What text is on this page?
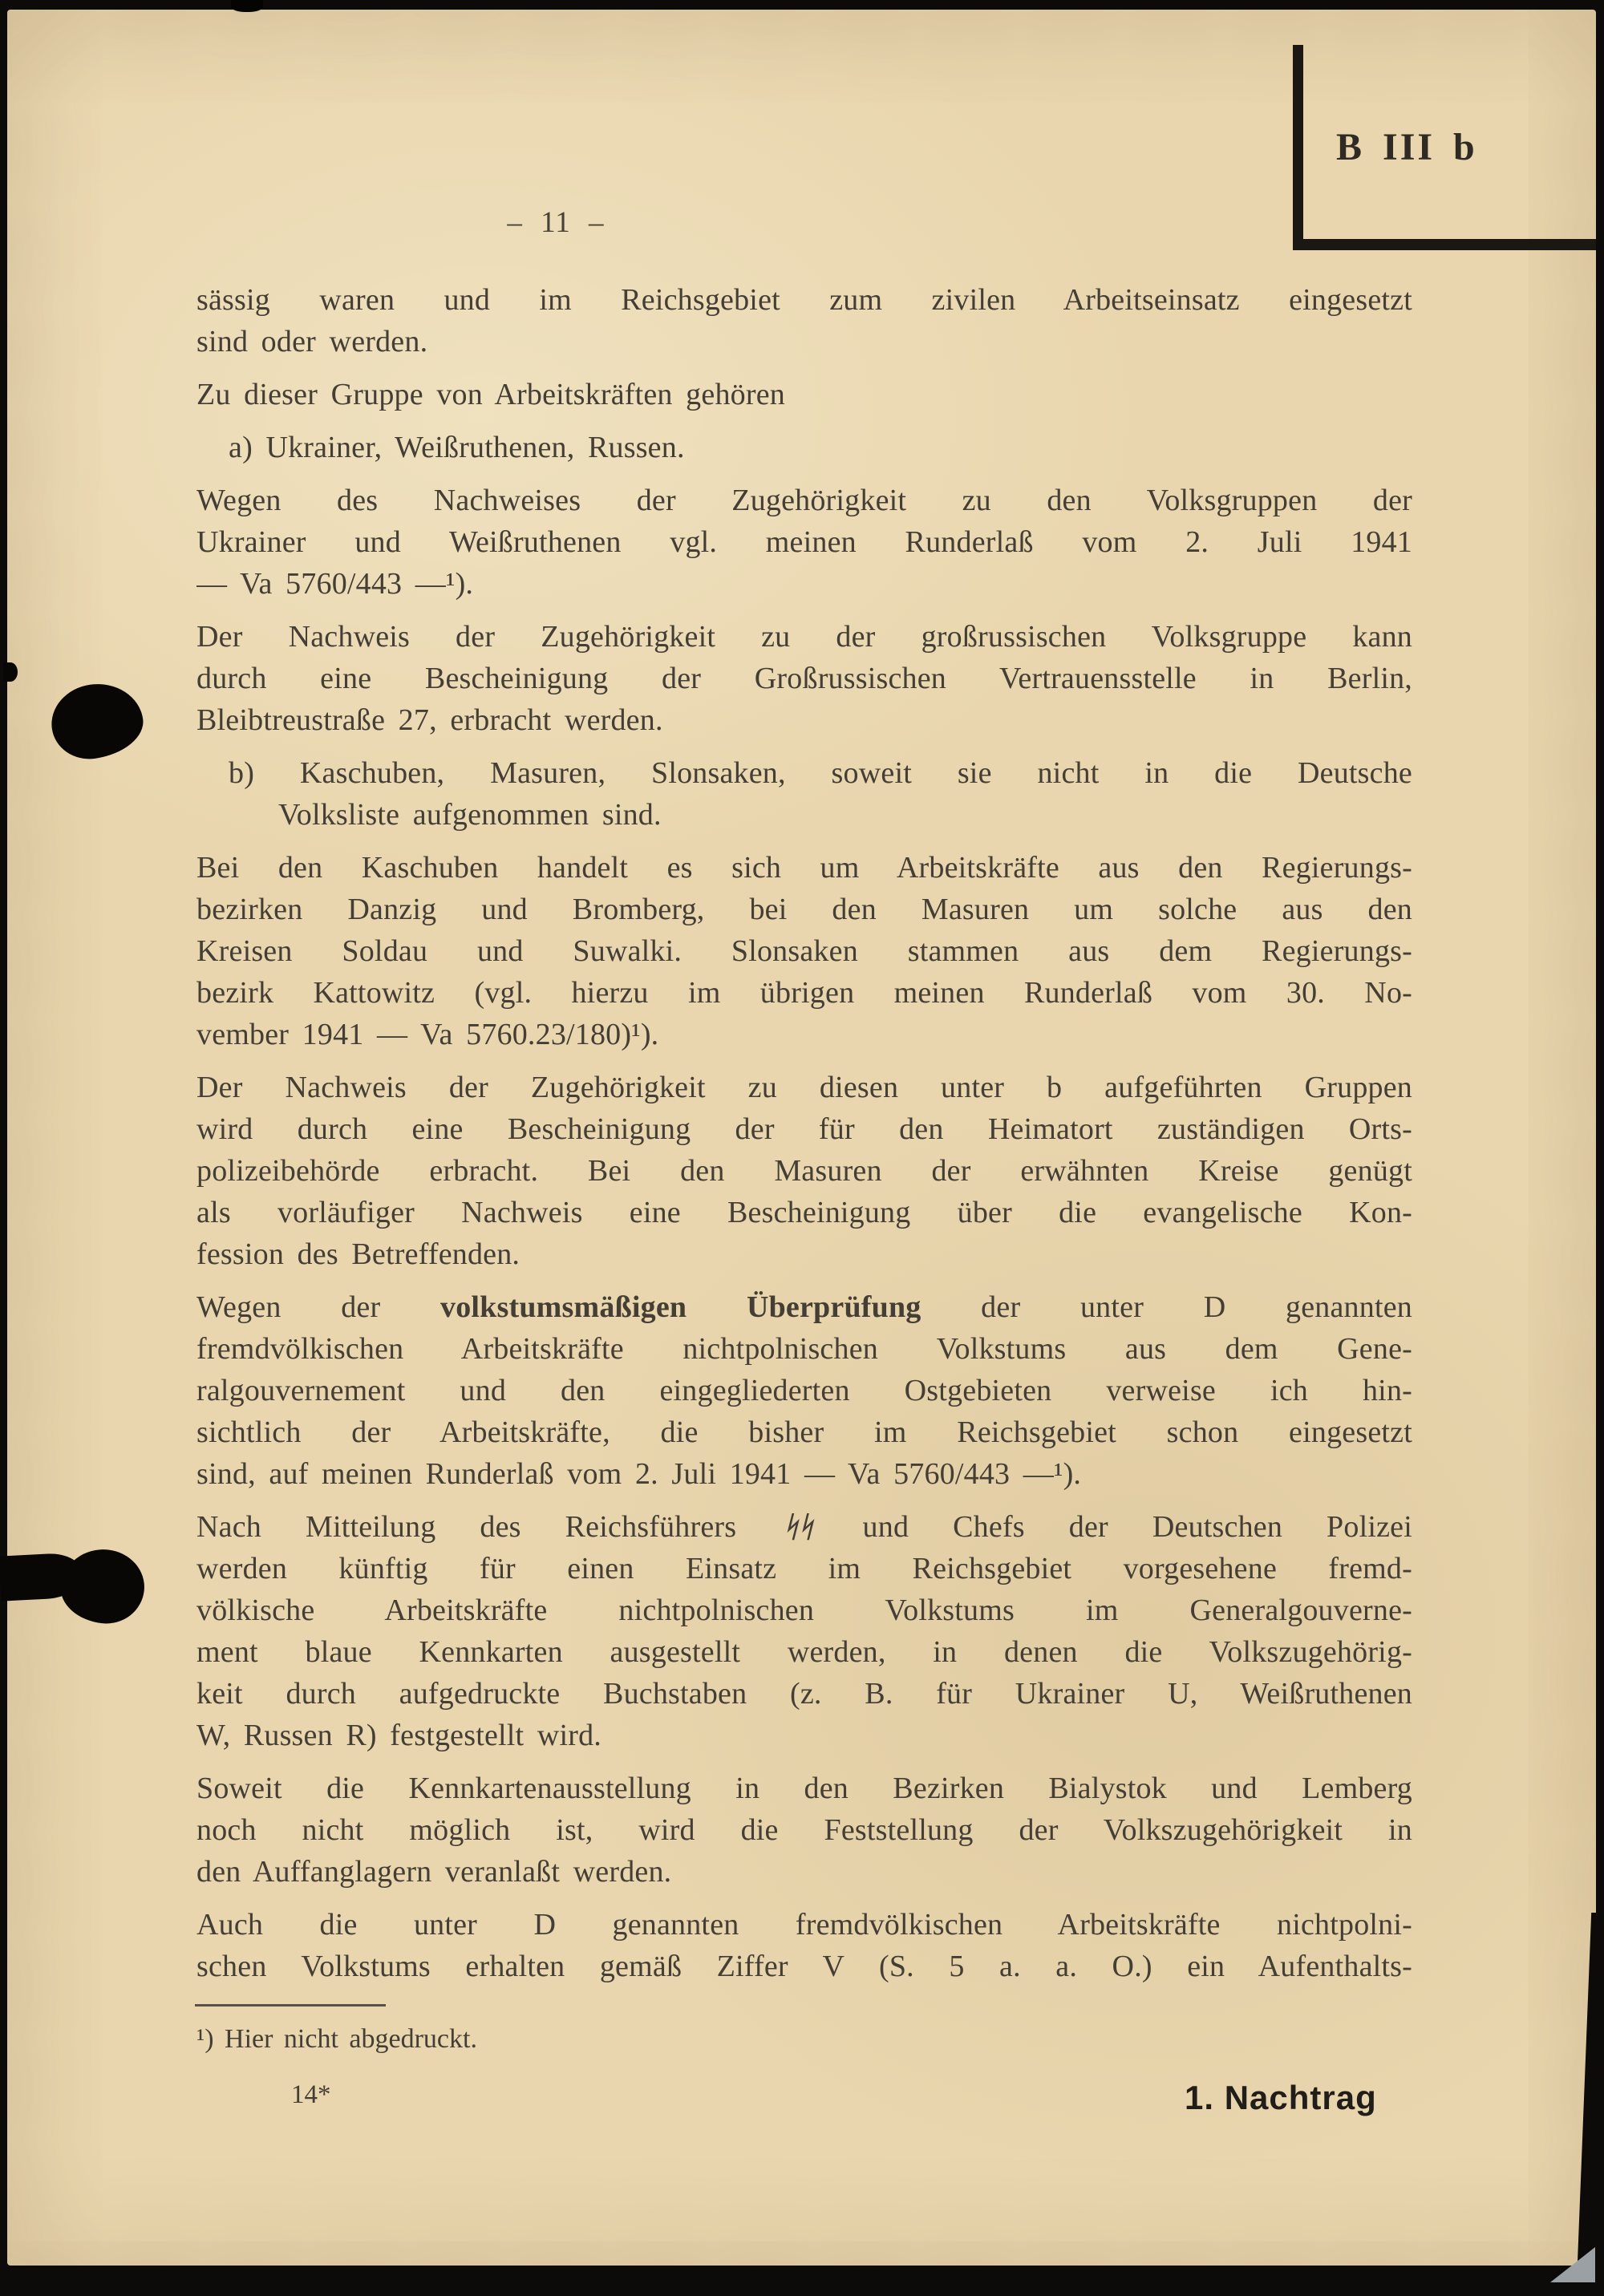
B III b
– 11 –
sässig waren und im Reichsgebiet zum zivilen Arbeitseinsatz eingesetzt
sind oder werden.
Zu dieser Gruppe von Arbeitskräften gehören
a) Ukrainer, Weißruthenen, Russen.
Wegen des Nachweises der Zugehörigkeit zu den Volksgruppen der
Ukrainer und Weißruthenen vgl. meinen Runderlaß vom 2. Juli 1941
— Va 5760/443 —¹).
Der Nachweis der Zugehörigkeit zu der großrussischen Volksgruppe kann
durch eine Bescheinigung der Großrussischen Vertrauensstelle in Berlin,
Bleibtreustraße 27, erbracht werden.
b) Kaschuben, Masuren, Slonsaken, soweit sie nicht in die Deutsche
Volksliste aufgenommen sind.
Bei den Kaschuben handelt es sich um Arbeitskräfte aus den Regierungs-
bezirken Danzig und Bromberg, bei den Masuren um solche aus den
Kreisen Soldau und Suwalki. Slonsaken stammen aus dem Regierungs-
bezirk Kattowitz (vgl. hierzu im übrigen meinen Runderlaß vom 30. No-
vember 1941 — Va 5760.23/180)¹).
Der Nachweis der Zugehörigkeit zu diesen unter b aufgeführten Gruppen
wird durch eine Bescheinigung der für den Heimatort zuständigen Orts-
polizeibehörde erbracht. Bei den Masuren der erwähnten Kreise genügt
als vorläufiger Nachweis eine Bescheinigung über die evangelische Kon-
fession des Betreffenden.
Wegen der volkstumsmäßigen Überprüfung der unter D genannten
fremdvölkischen Arbeitskräfte nichtpolnischen Volkstums aus dem Gene-
ralgouvernement und den eingegliederten Ostgebieten verweise ich hin-
sichtlich der Arbeitskräfte, die bisher im Reichsgebiet schon eingesetzt
sind, auf meinen Runderlaß vom 2. Juli 1941 — Va 5760/443 —¹).
Nach Mitteilung des Reichsführers ᛋᛋ und Chefs der Deutschen Polizei
werden künftig für einen Einsatz im Reichsgebiet vorgesehene fremd-
völkische Arbeitskräfte nichtpolnischen Volkstums im Generalgouverne-
ment blaue Kennkarten ausgestellt werden, in denen die Volkszugehörig-
keit durch aufgedruckte Buchstaben (z. B. für Ukrainer U, Weißruthenen
W, Russen R) festgestellt wird.
Soweit die Kennkartenausstellung in den Bezirken Bialystok und Lemberg
noch nicht möglich ist, wird die Feststellung der Volkszugehörigkeit in
den Auffanglagern veranlaßt werden.
Auch die unter D genannten fremdvölkischen Arbeitskräfte nichtpolni-
schen Volkstums erhalten gemäß Ziffer V (S. 5 a. a. O.) ein Aufenthalts-
¹) Hier nicht abgedruckt.
14*	1. Nachtrag
